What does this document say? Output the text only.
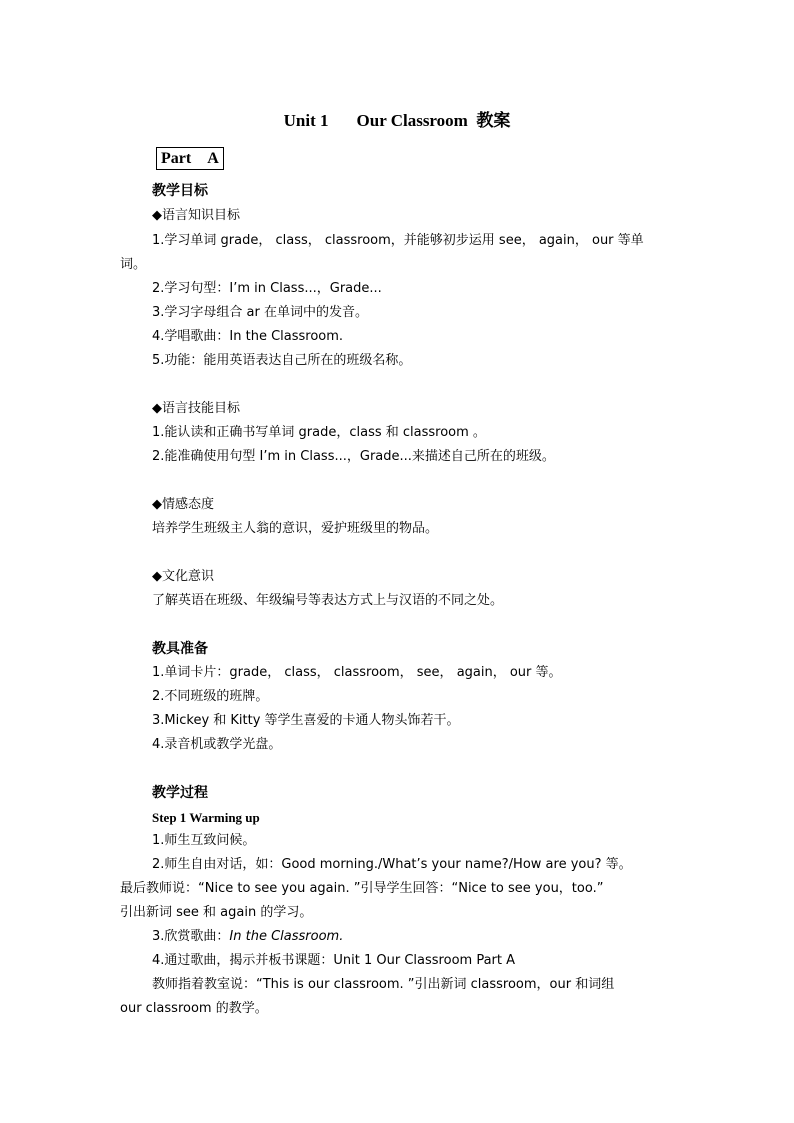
Unit 1 Our Classroom 教案
Part　A
教学目标
◆语言知识目标
1.学习单词 grade， class， classroom，并能够初步运用 see， again， our 等单
词。
2.学习句型：I’m in Class...，Grade...
3.学习字母组合 ar 在单词中的发音。
4.学唱歌曲：In the Classroom.
5.功能：能用英语表达自己所在的班级名称。
◆语言技能目标
1.能认读和正确书写单词 grade，class 和 classroom 。
2.能准确使用句型 I’m in Class...，Grade...来描述自己所在的班级。
◆情感态度
培养学生班级主人翁的意识，爱护班级里的物品。
◆文化意识
了解英语在班级、年级编号等表达方式上与汉语的不同之处。
教具准备
1.单词卡片：grade， class， classroom， see， again， our 等。
2.不同班级的班牌。
3.Mickey 和 Kitty 等学生喜爱的卡通人物头饰若干。
4.录音机或教学光盘。
教学过程
Step 1 Warming up
1.师生互致问候。
2.师生自由对话，如：Good morning./What’s your name?/How are you? 等。
最后教师说：“Nice to see you again. ”引导学生回答：“Nice to see you，too.”
引出新词 see 和 again 的学习。
3.欣赏歌曲：In the Classroom.
4.通过歌曲，揭示并板书课题：Unit 1 Our Classroom Part A
教师指着教室说：“This is our classroom. ”引出新词 classroom，our 和词组
our classroom 的教学。
